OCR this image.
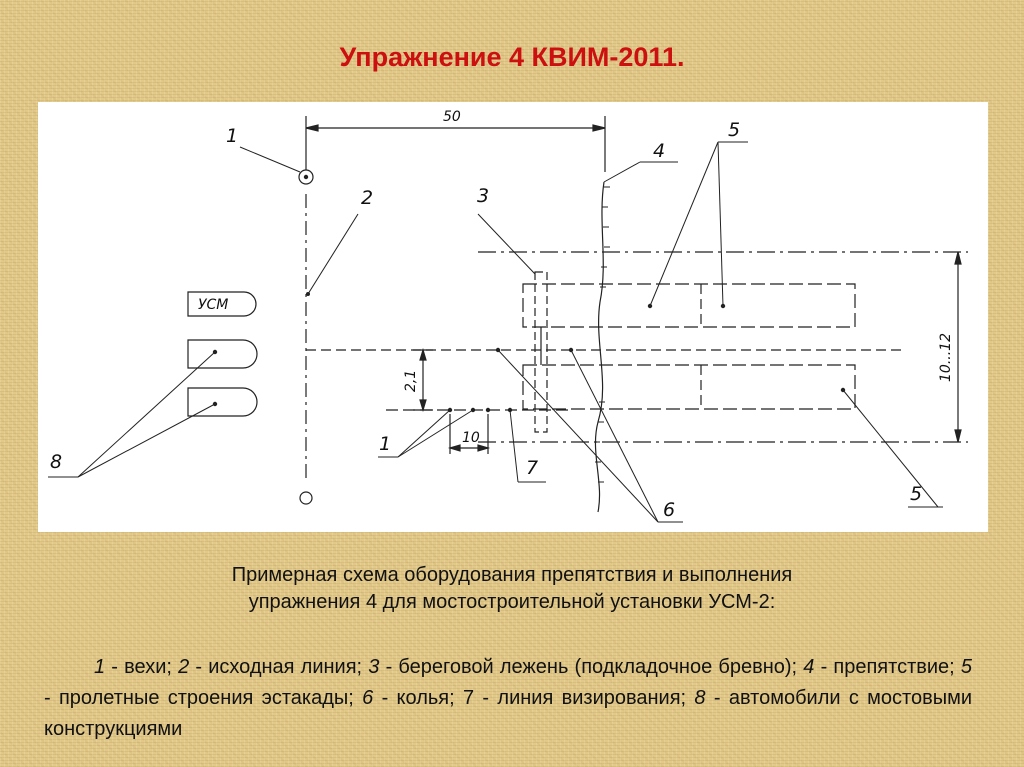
Упражнение 4 КВИМ-2011.
50
10...12
2,1
10
УСМ
1
2	3
4
5
5
6
7
1
8
Примерная схема оборудования препятствия и выполнения
упражнения 4 для мостостроительной установки УСМ-2:
1 - вехи; 2 - исходная линия; 3 - береговой лежень (подкладочное бревно); 4 - препятствие; 5 - пролетные строения эстакады; 6 - колья; 7 - линия визирования; 8 - автомобили с мостовыми конструкциями
